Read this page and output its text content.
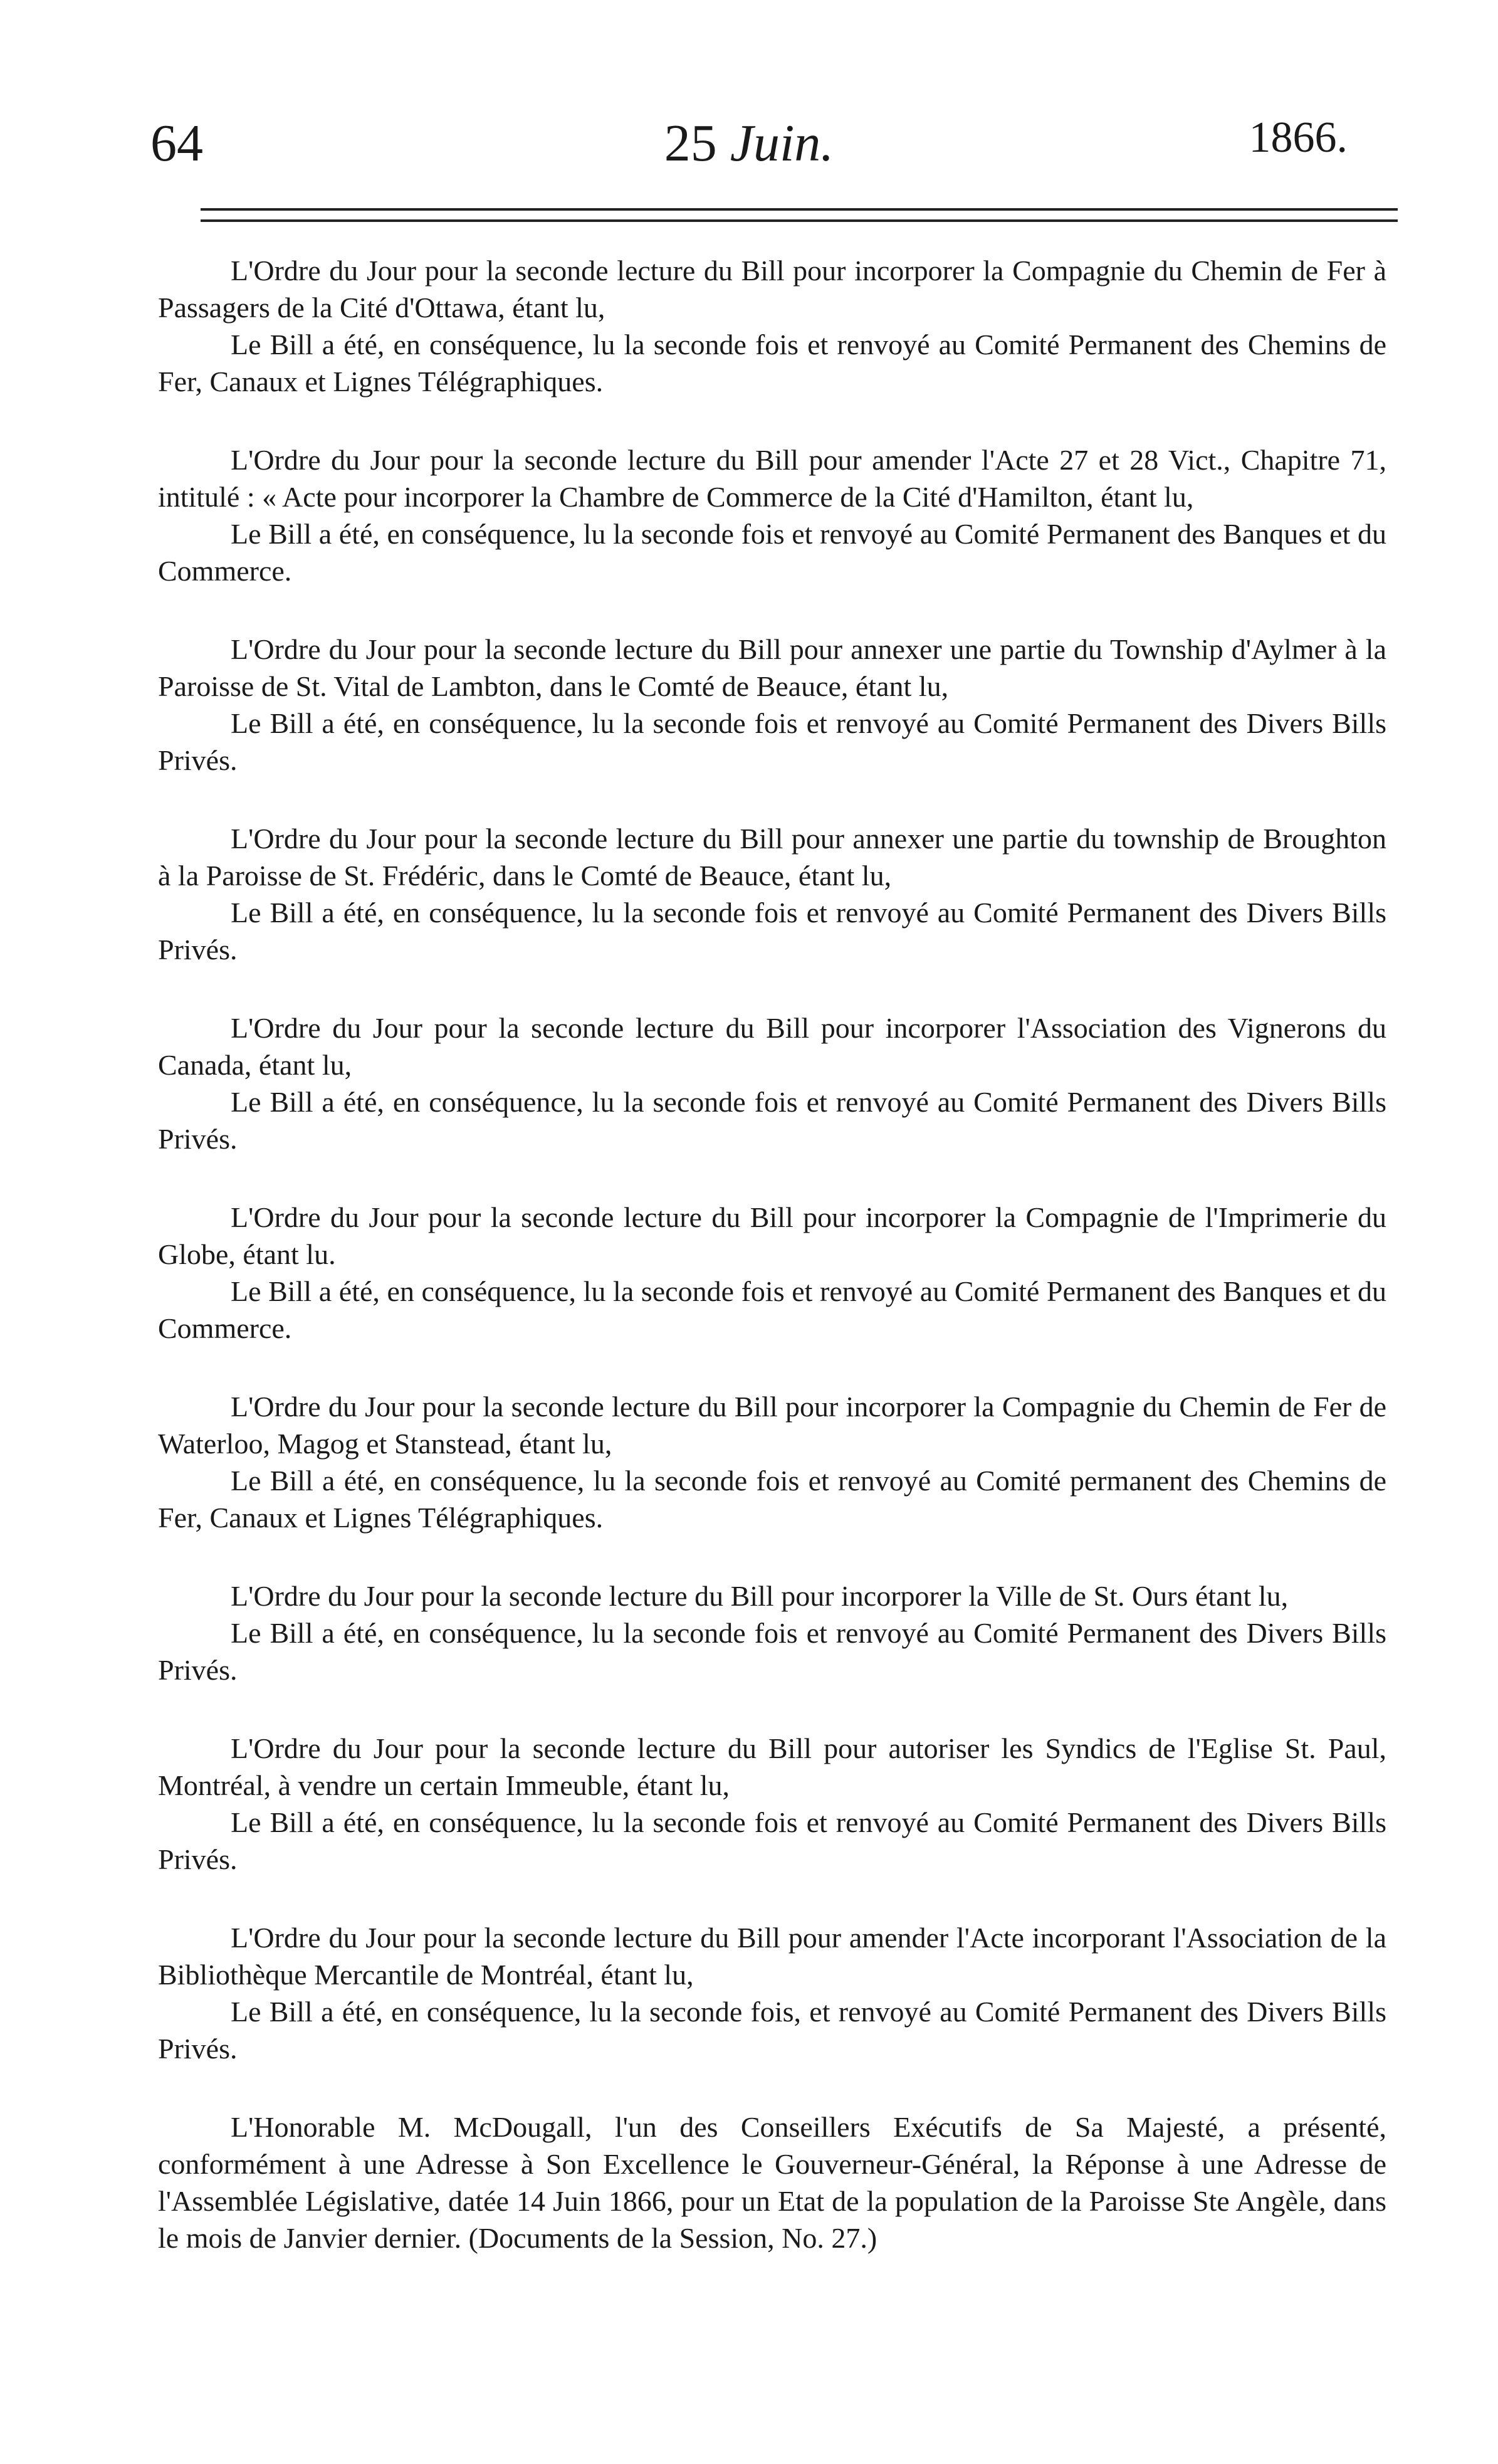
64	25 Juin.	1866.
L'Ordre du Jour pour la seconde lecture du Bill pour incorporer la Compagnie du Chemin de Fer à Passagers de la Cité d'Ottawa, étant lu,
Le Bill a été, en conséquence, lu la seconde fois et renvoyé au Comité Permanent des Chemins de Fer, Canaux et Lignes Télégraphiques.
L'Ordre du Jour pour la seconde lecture du Bill pour amender l'Acte 27 et 28 Vict., Chapitre 71, intitulé : « Acte pour incorporer la Chambre de Commerce de la Cité d'Hamilton, étant lu,
Le Bill a été, en conséquence, lu la seconde fois et renvoyé au Comité Permanent des Banques et du Commerce.
L'Ordre du Jour pour la seconde lecture du Bill pour annexer une partie du Township d'Aylmer à la Paroisse de St. Vital de Lambton, dans le Comté de Beauce, étant lu,
Le Bill a été, en conséquence, lu la seconde fois et renvoyé au Comité Permanent des Divers Bills Privés.
L'Ordre du Jour pour la seconde lecture du Bill pour annexer une partie du township de Broughton à la Paroisse de St. Frédéric, dans le Comté de Beauce, étant lu,
Le Bill a été, en conséquence, lu la seconde fois et renvoyé au Comité Permanent des Divers Bills Privés.
L'Ordre du Jour pour la seconde lecture du Bill pour incorporer l'Association des Vignerons du Canada, étant lu,
Le Bill a été, en conséquence, lu la seconde fois et renvoyé au Comité Permanent des Divers Bills Privés.
L'Ordre du Jour pour la seconde lecture du Bill pour incorporer la Compagnie de l'Imprimerie du Globe, étant lu.
Le Bill a été, en conséquence, lu la seconde fois et renvoyé au Comité Permanent des Banques et du Commerce.
L'Ordre du Jour pour la seconde lecture du Bill pour incorporer la Compagnie du Chemin de Fer de Waterloo, Magog et Stanstead, étant lu,
Le Bill a été, en conséquence, lu la seconde fois et renvoyé au Comité permanent des Chemins de Fer, Canaux et Lignes Télégraphiques.
L'Ordre du Jour pour la seconde lecture du Bill pour incorporer la Ville de St. Ours étant lu,
Le Bill a été, en conséquence, lu la seconde fois et renvoyé au Comité Permanent des Divers Bills Privés.
L'Ordre du Jour pour la seconde lecture du Bill pour autoriser les Syndics de l'Eglise St. Paul, Montréal, à vendre un certain Immeuble, étant lu,
Le Bill a été, en conséquence, lu la seconde fois et renvoyé au Comité Permanent des Divers Bills Privés.
L'Ordre du Jour pour la seconde lecture du Bill pour amender l'Acte incorporant l'Association de la Bibliothèque Mercantile de Montréal, étant lu,
Le Bill a été, en conséquence, lu la seconde fois, et renvoyé au Comité Permanent des Divers Bills Privés.
L'Honorable M. McDougall, l'un des Conseillers Exécutifs de Sa Majesté, a présenté, conformément à une Adresse à Son Excellence le Gouverneur-Général, la Réponse à une Adresse de l'Assemblée Législative, datée 14 Juin 1866, pour un Etat de la population de la Paroisse Ste Angèle, dans le mois de Janvier dernier. (Documents de la Session, No. 27.)
